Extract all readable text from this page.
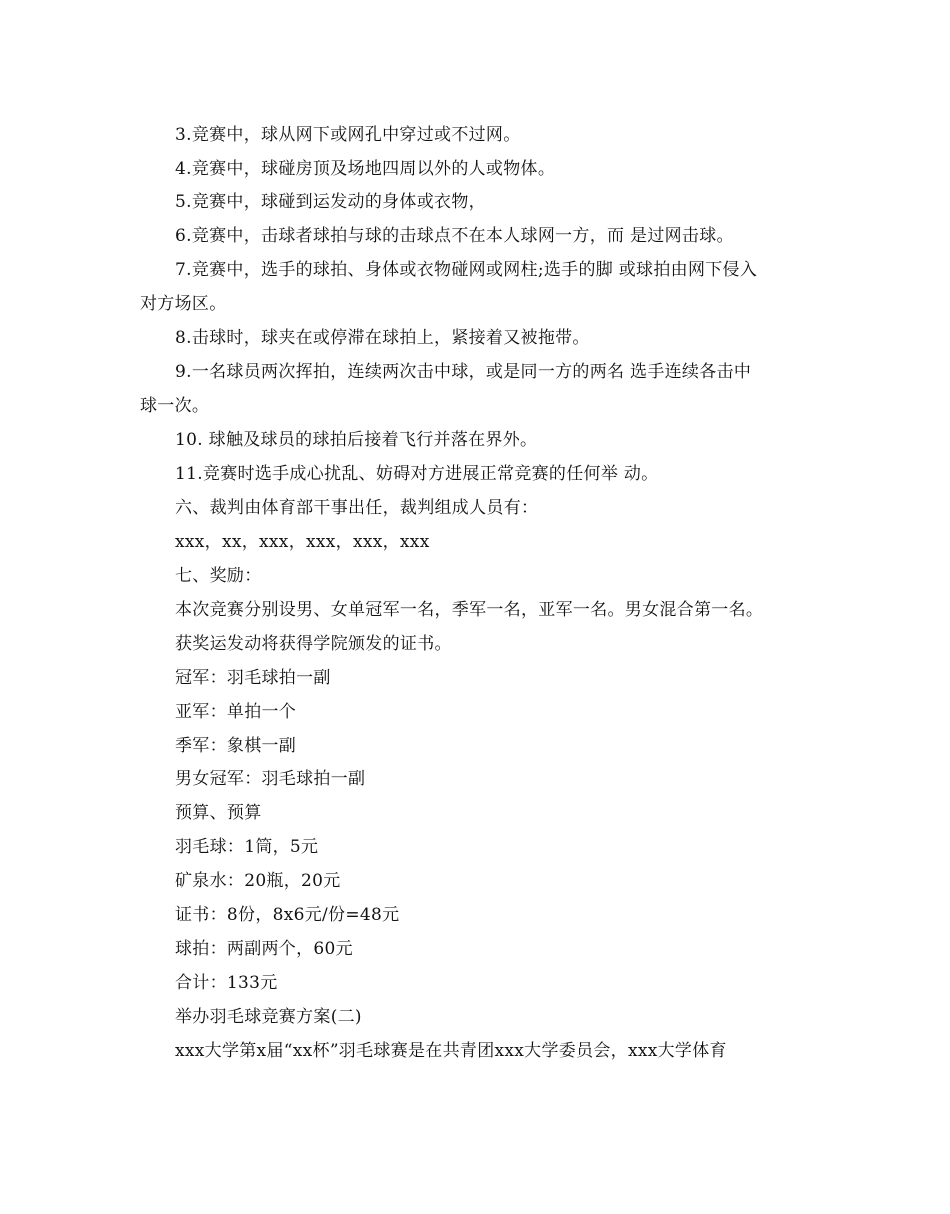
3.竞赛中，球从网下或网孔中穿过或不过网。
4.竞赛中，球碰房顶及场地四周以外的人或物体。
5.竞赛中，球碰到运发动的身体或衣物，
6.竞赛中，击球者球拍与球的击球点不在本人球网一方，而 是过网击球。
7.竞赛中，选手的球拍、身体或衣物碰网或网柱;选手的脚 或球拍由网下侵入
对方场区。
8.击球时，球夹在或停滞在球拍上，紧接着又被拖带。
9.一名球员两次挥拍，连续两次击中球，或是同一方的两名 选手连续各击中
球一次。
10. 球触及球员的球拍后接着飞行并落在界外。
11.竞赛时选手成心扰乱、妨碍对方进展正常竞赛的任何举 动。
六、裁判由体育部干事出任，裁判组成人员有：
xxx，xx，xxx，xxx，xxx，xxx
七、奖励：
本次竞赛分别设男、女单冠军一名，季军一名，亚军一名。男女混合第一名。
获奖运发动将获得学院颁发的证书。
冠军：羽毛球拍一副
亚军：单拍一个
季军：象棋一副
男女冠军：羽毛球拍一副
预算、预算
羽毛球：1筒，5元
矿泉水：20瓶，20元
证书：8份，8x6元/份=48元
球拍：两副两个，60元
合计：133元
举办羽毛球竞赛方案(二)
xxx大学第x届“xx杯”羽毛球赛是在共青团xxx大学委员会，xxx大学体育
